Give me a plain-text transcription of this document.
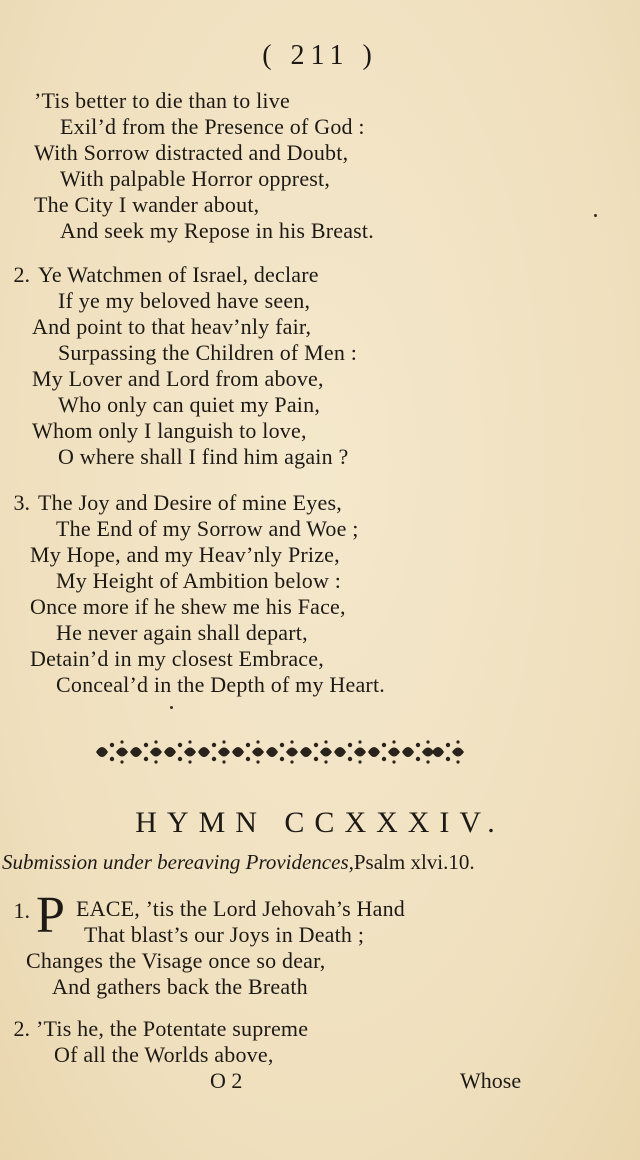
( 211 )
’Tis better to die than to live
Exil’d from the Presence of God :
With Sorrow distracted and Doubt,
With palpable Horror opprest,
The City I wander about,
And seek my Repose in his Breast.
2. Ye Watchmen of Israel, declare
If ye my beloved have seen,
And point to that heav’nly fair,
Surpassing the Children of Men :
My Lover and Lord from above,
Who only can quiet my Pain,
Whom only I languish to love,
O where shall I find him again ?
3. The Joy and Desire of mine Eyes,
The End of my Sorrow and Woe ;
My Hope, and my Heav’nly Prize,
My Height of Ambition below :
Once more if he shew me his Face,
He never again shall depart,
Detain’d in my closest Embrace,
Conceal’d in the Depth of my Heart.
HYMN CCXXXIV.
Submission under bereaving Providences,Psalm xlvi.10.
1. P EACE, ’tis the Lord Jehovah’s Hand
That blast’s our Joys in Death ;
Changes the Visage once so dear,
And gathers back the Breath
2. ’Tis he, the Potentate supreme
Of all the Worlds above,
O 2	Whose
